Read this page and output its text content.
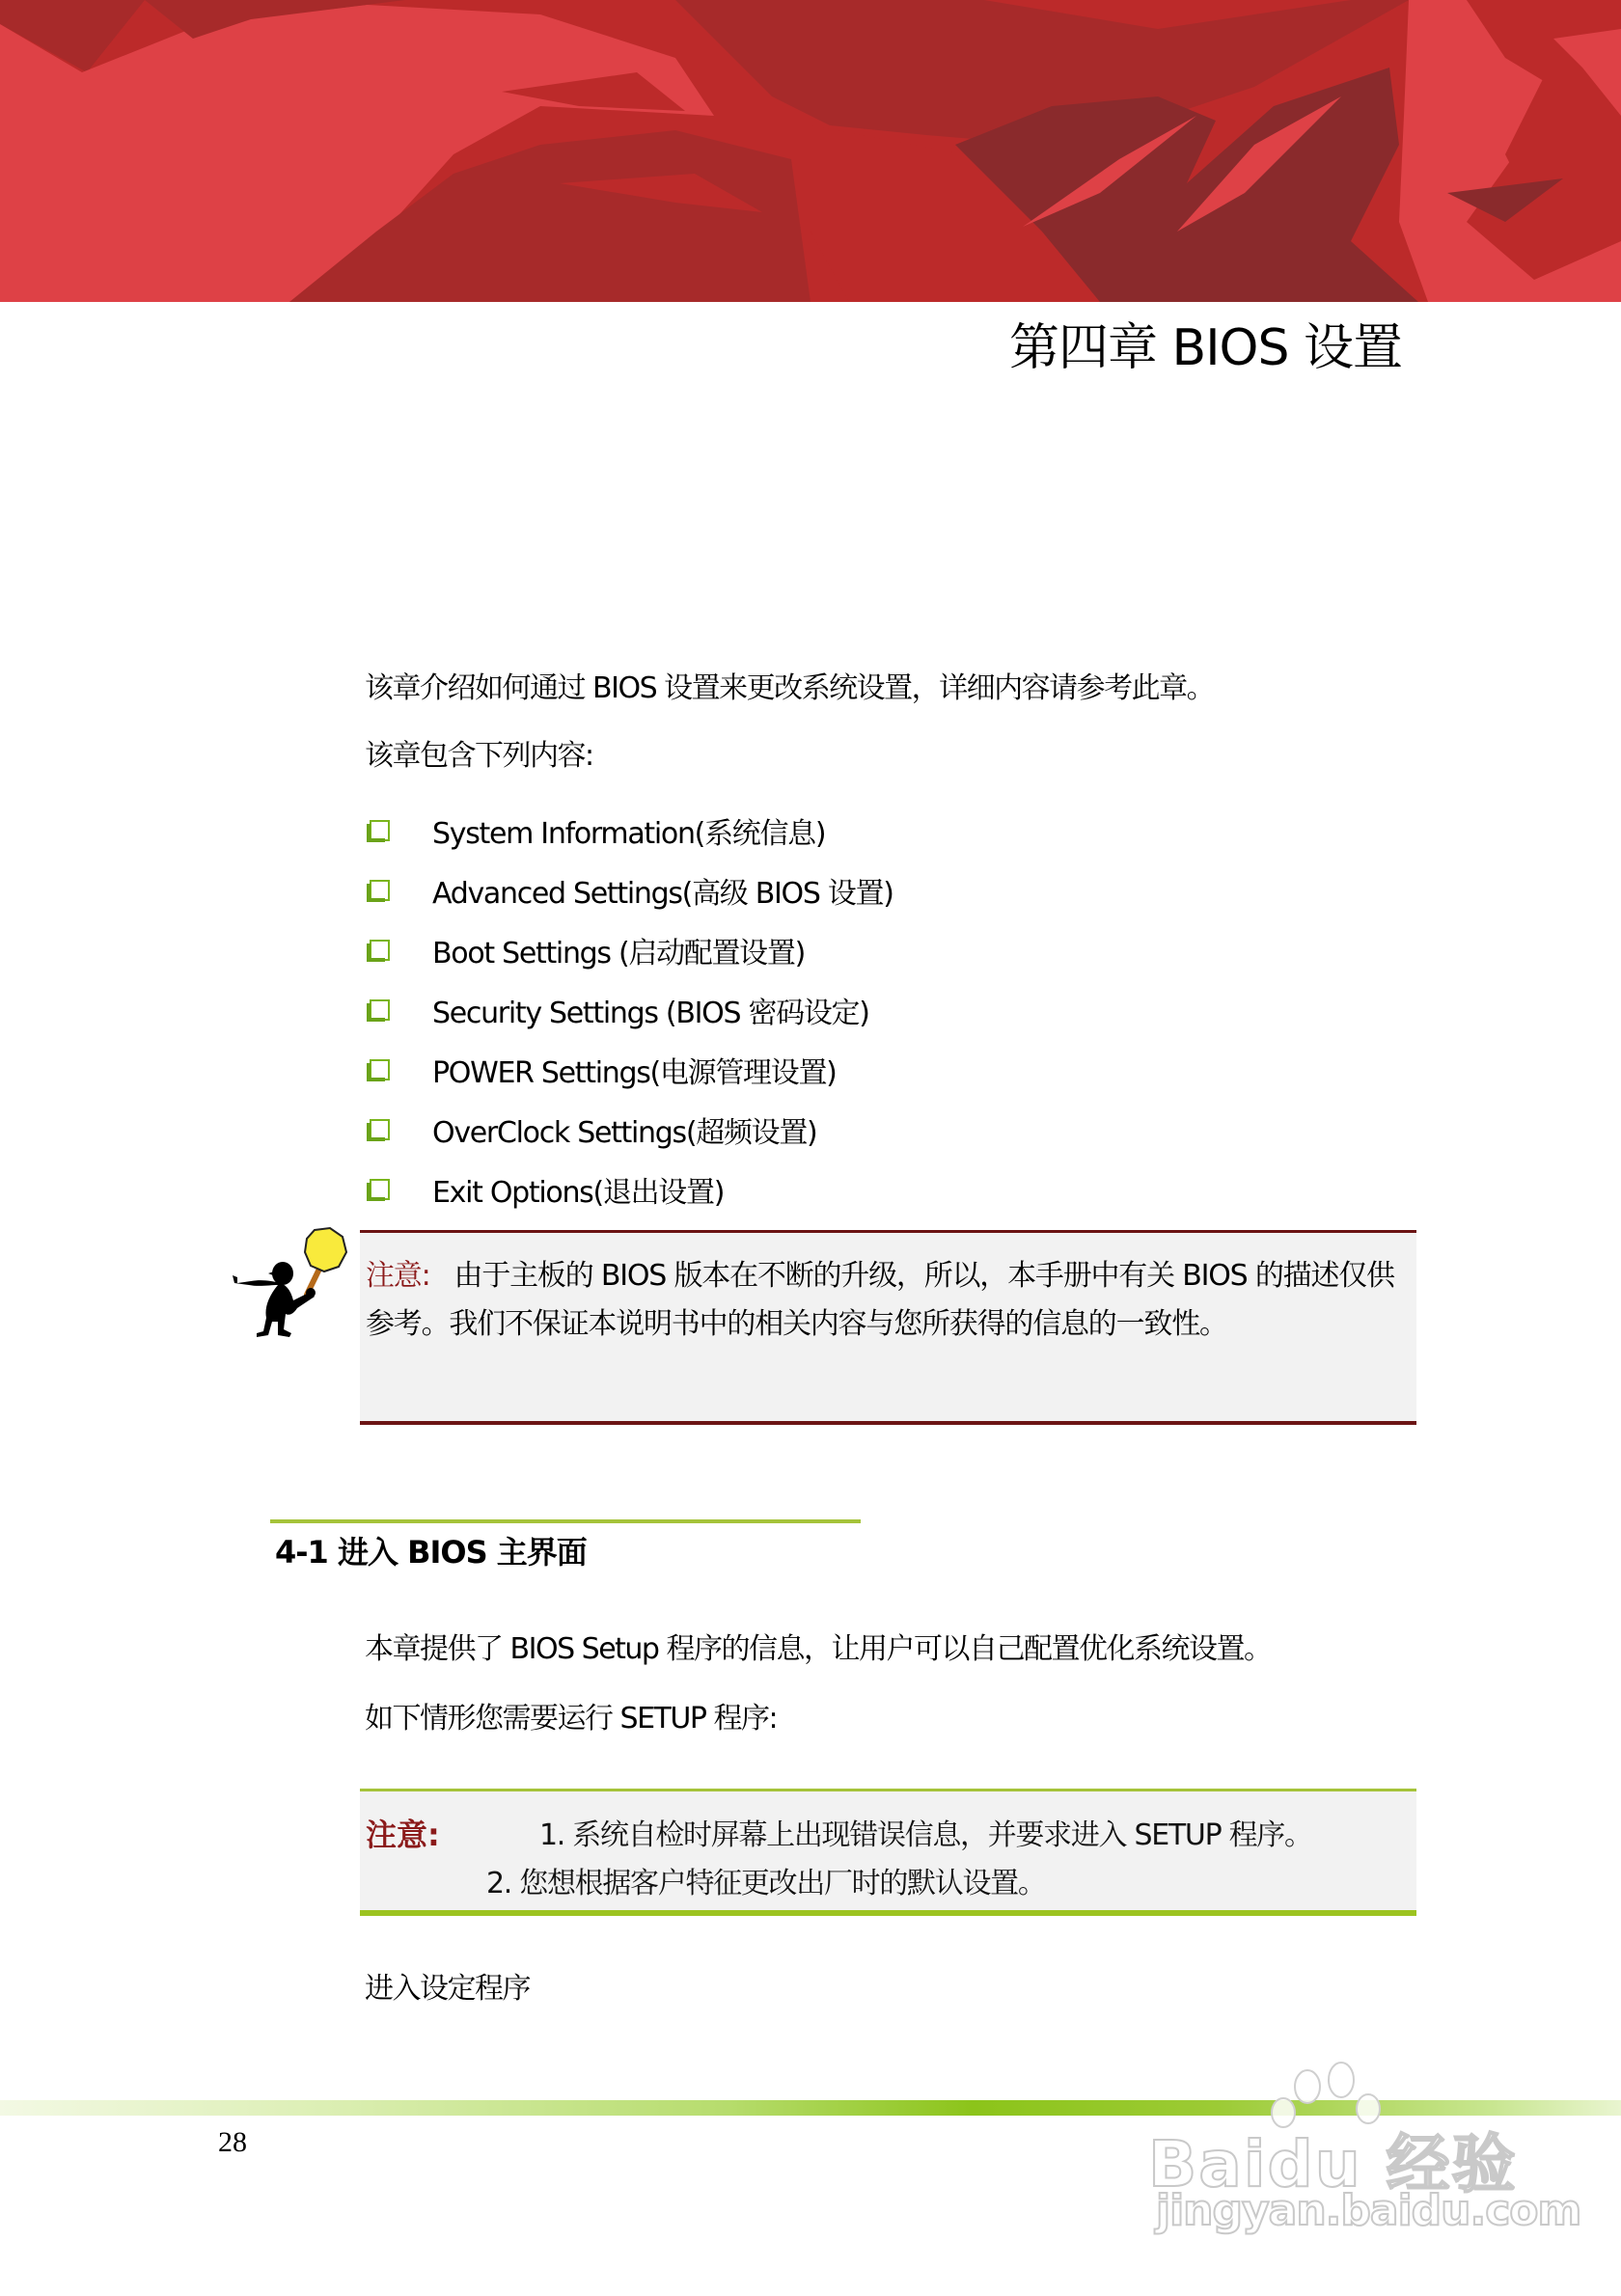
第四章 BIOS 设置
该章介绍如何通过 BIOS 设置来更改系统设置，详细内容请参考此章。
该章包含下列内容:
System Information(系统信息)
Advanced Settings(高级 BIOS 设置)
Boot Settings (启动配置设置)
Security Settings (BIOS 密码设定)
POWER Settings(电源管理设置)
OverClock Settings(超频设置)
Exit Options(退出设置)
注意: 由于主板的 BIOS 版本在不断的升级，所以，本手册中有关 BIOS 的描述仅供参考。我们不保证本说明书中的相关内容与您所获得的信息的一致性。
4-1 进入 BIOS 主界面
本章提供了 BIOS Setup 程序的信息，让用户可以自己配置优化系统设置。
如下情形您需要运行 SETUP 程序:
注意:	1. 系统自检时屏幕上出现错误信息，并要求进入 SETUP 程序。
2. 您想根据客户特征更改出厂时的默认设置。
进入设定程序
28	Baidu 经验
jingyan.baidu.com
